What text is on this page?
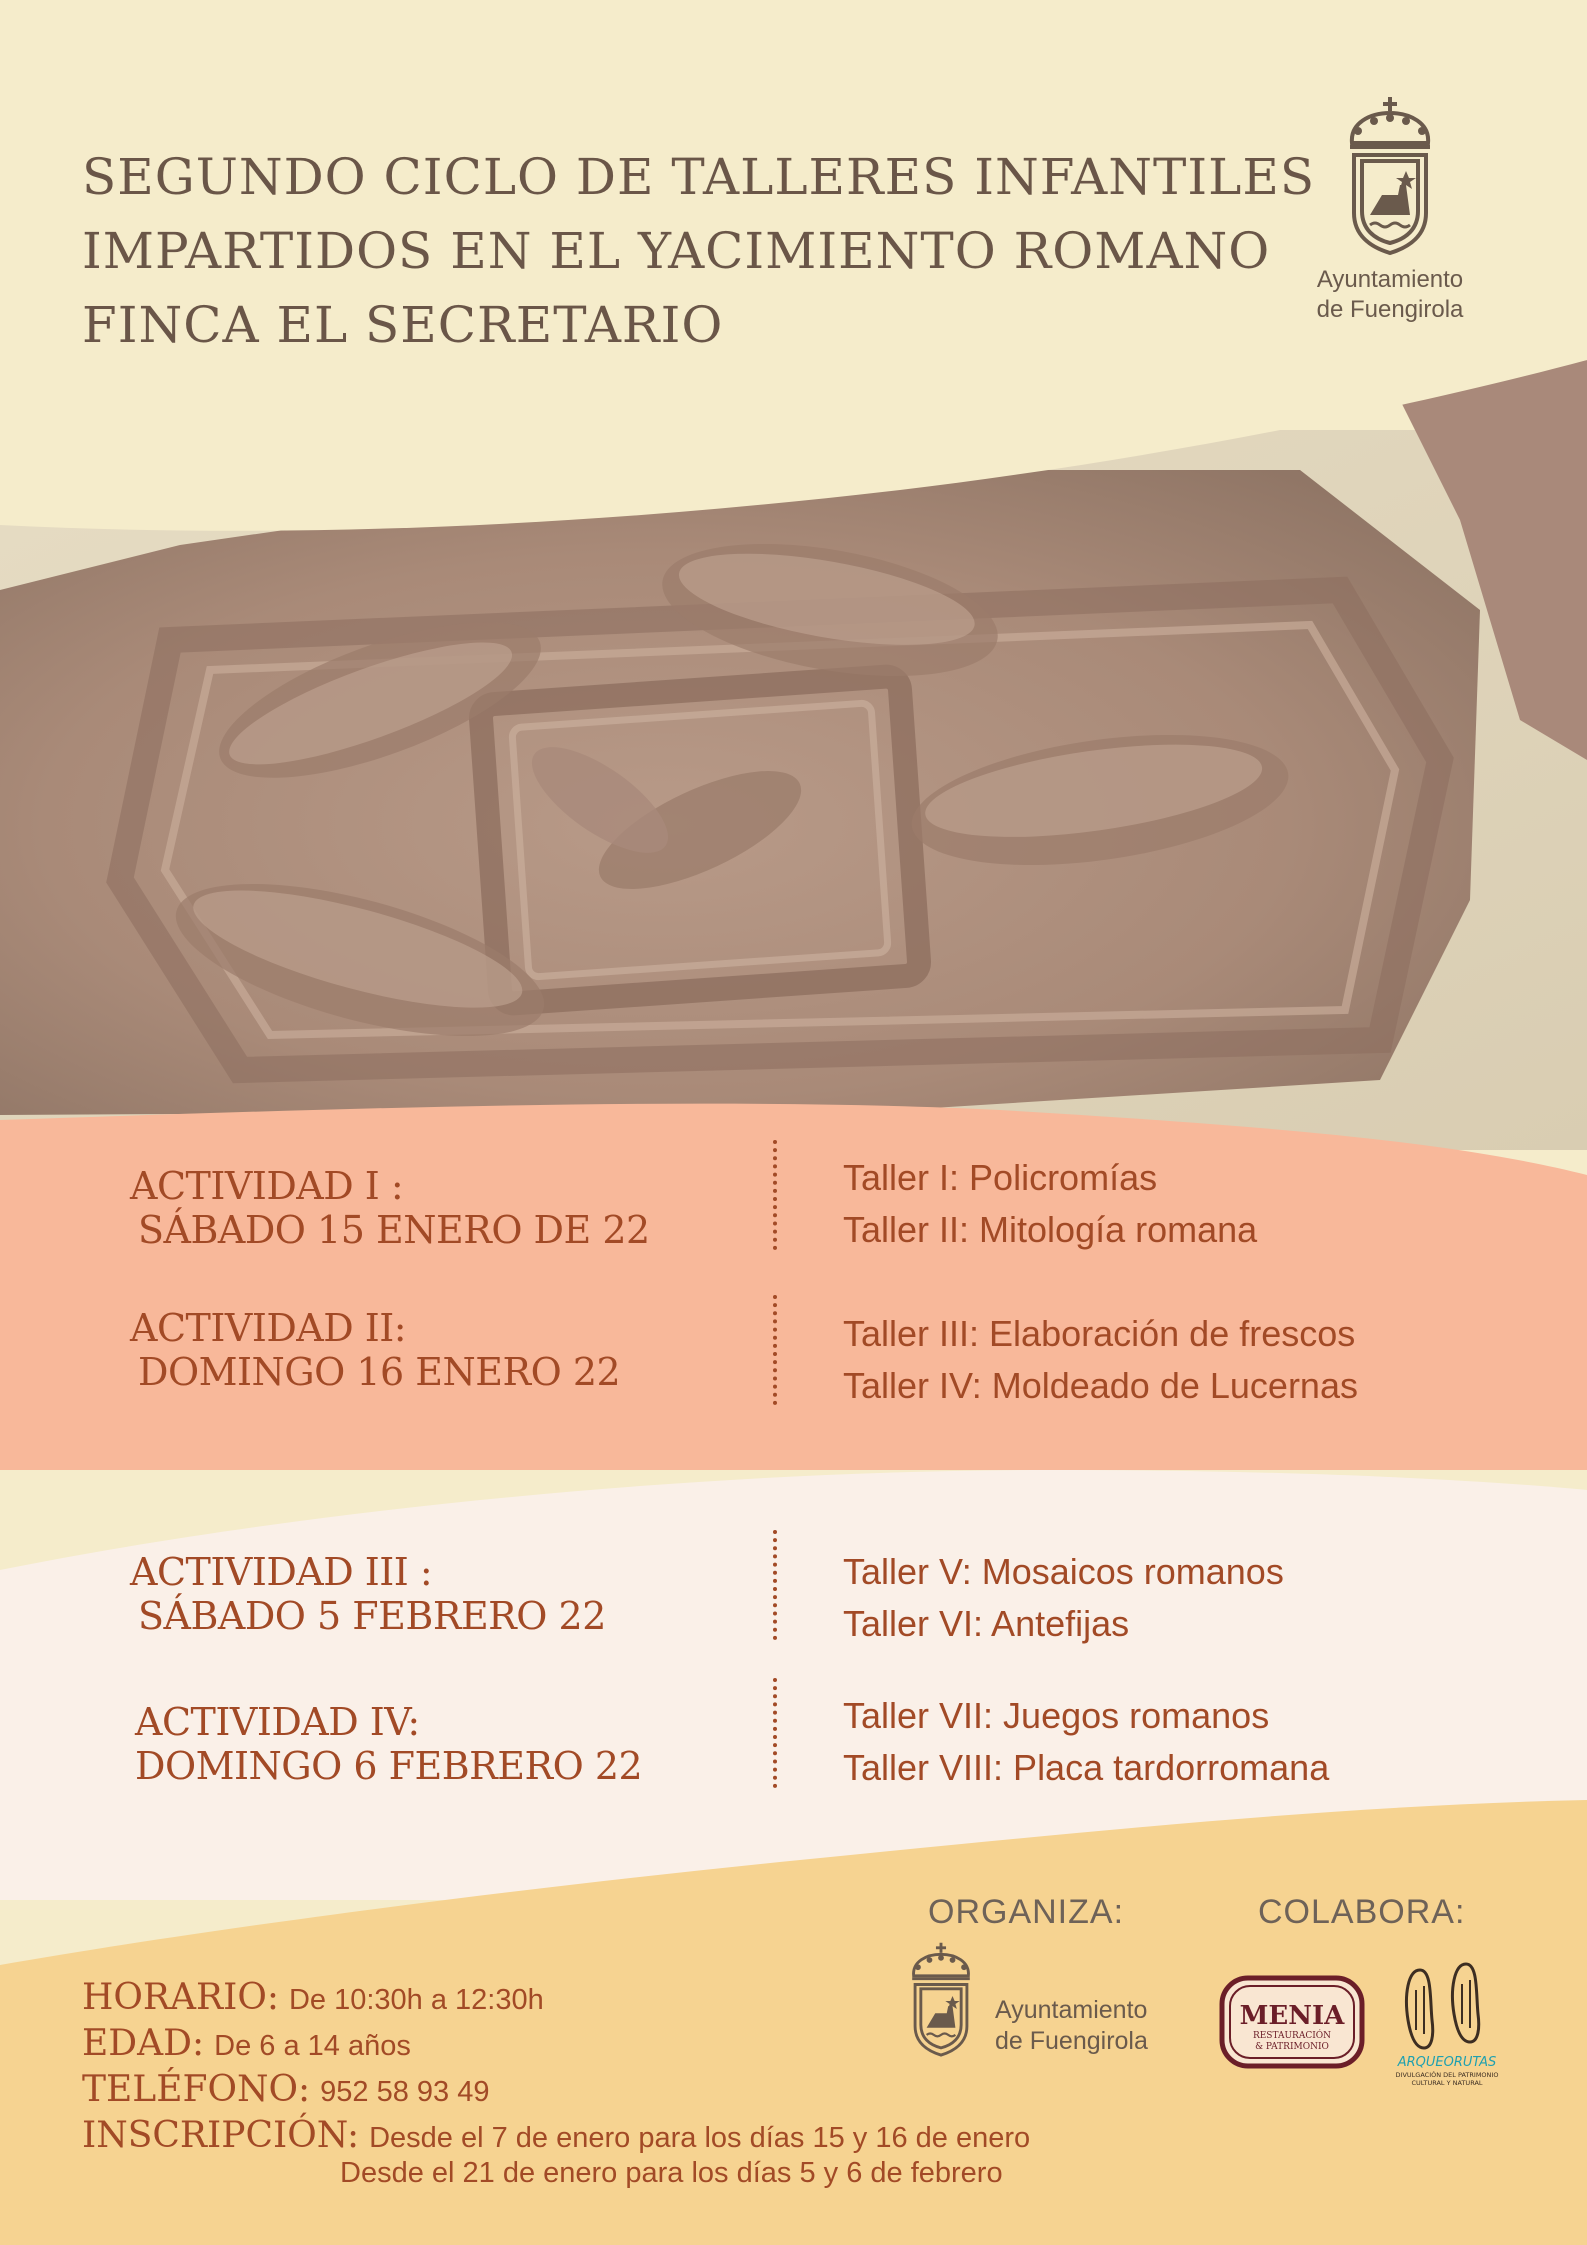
SEGUNDO CICLO DE TALLERES INFANTILES
IMPARTIDOS EN EL YACIMIENTO ROMANO
FINCA EL SECRETARIO
Ayuntamiento
de Fuengirola
ACTIVIDAD I :
SÁBADO 15 ENERO DE 22
Taller I: Policromías
Taller II: Mitología romana
ACTIVIDAD II:
DOMINGO 16 ENERO 22
Taller III: Elaboración de frescos
Taller IV: Moldeado de Lucernas
ACTIVIDAD III :
SÁBADO 5 FEBRERO 22
Taller V: Mosaicos romanos
Taller VI: Antefijas
ACTIVIDAD IV:
DOMINGO 6 FEBRERO 22
Taller VII: Juegos romanos
Taller VIII: Placa tardorromana
ORGANIZA:	COLABORA:
Ayuntamiento
de Fuengirola
MENIA
RESTAURACIÓN
& PATRIMONIO
ARQUEORUTAS
DIVULGACIÓN DEL PATRIMONIO
CULTURAL Y NATURAL
HORARIO: De 10:30h a 12:30h
EDAD: De 6 a 14 años
TELÉFONO: 952 58 93 49
INSCRIPCIÓN: Desde el 7 de enero para los días 15 y 16 de enero
Desde el 21 de enero para los días 5 y 6 de febrero
